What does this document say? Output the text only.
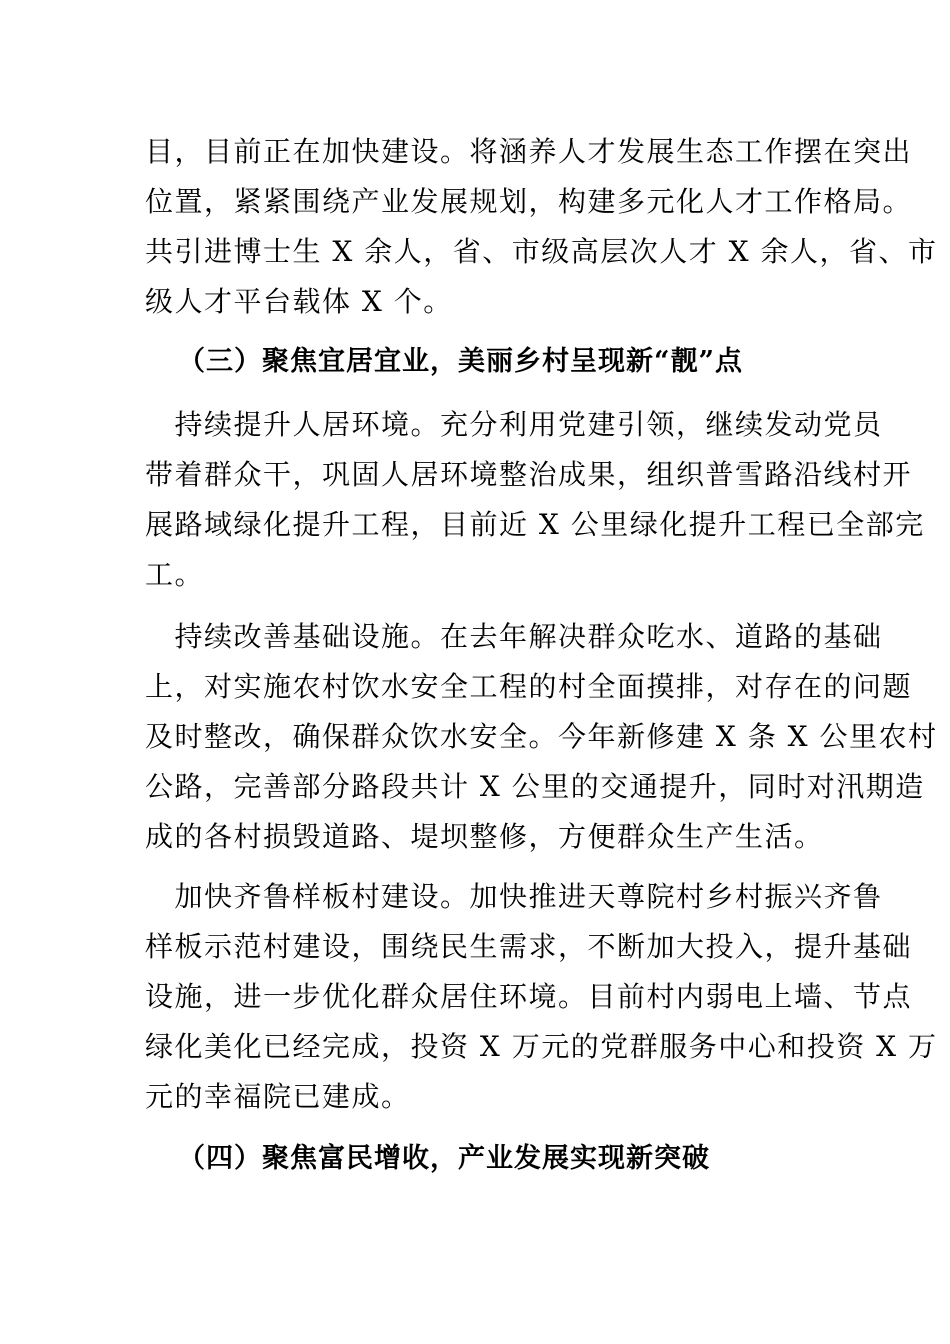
目，目前正在加快建设。将涵养人才发展生态工作摆在突出
位置，紧紧围绕产业发展规划，构建多元化人才工作格局。
共引进博士生 X 余人，省、市级高层次人才 X 余人，省、市
级人才平台载体 X 个。
（三）聚焦宜居宜业，美丽乡村呈现新“靓”点
　持续提升人居环境。充分利用党建引领，继续发动党员
带着群众干，巩固人居环境整治成果，组织普雪路沿线村开
展路域绿化提升工程，目前近 X 公里绿化提升工程已全部完
工。
　持续改善基础设施。在去年解决群众吃水、道路的基础
上，对实施农村饮水安全工程的村全面摸排，对存在的问题
及时整改，确保群众饮水安全。今年新修建 X 条 X 公里农村
公路，完善部分路段共计 X 公里的交通提升，同时对汛期造
成的各村损毁道路、堤坝整修，方便群众生产生活。
　加快齐鲁样板村建设。加快推进天尊院村乡村振兴齐鲁
样板示范村建设，围绕民生需求，不断加大投入，提升基础
设施，进一步优化群众居住环境。目前村内弱电上墙、节点
绿化美化已经完成，投资 X 万元的党群服务中心和投资 X 万
元的幸福院已建成。
（四）聚焦富民增收，产业发展实现新突破
